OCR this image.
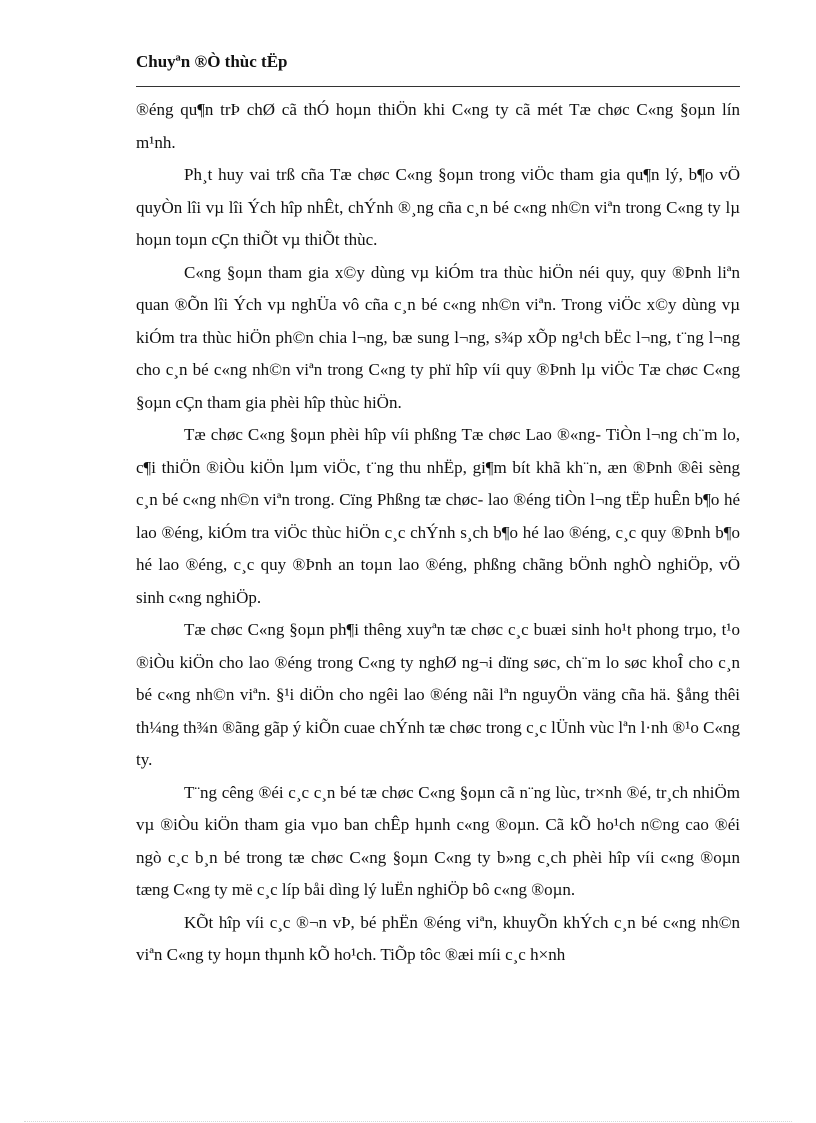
Chuyªn ®Ò thùc tËp

®éng qu¶n trÞ chØ cã thÓ hoµn thiÖn khi C«ng ty cã mét Tæ chøc C«ng §oµn lín m¹nh.

Ph¸t huy vai trß cña Tæ chøc C«ng §oµn trong viÖc tham gia qu¶n lý, b¶o vÖ quyÒn lîi vµ lîi Ých hîp nhÊt, chÝnh ®¸ng cña c¸n bé c«ng nh©n viªn trong C«ng ty lµ hoµn toµn cÇn thiÕt vµ thiÕt thùc.

C«ng §oµn tham gia x©y dùng vµ kiÓm tra thùc hiÖn néi quy, quy ®Þnh liªn quan ®Õn lîi Ých vµ nghÜa vô cña c¸n bé c«ng nh©n viªn. Trong viÖc x©y dùng vµ kiÓm tra thùc hiÖn ph©n chia l¬ng, bæ sung l¬ng, s¾p xÕp ng¹ch bËc l¬ng, t¨ng l¬ng cho c¸n bé c«ng nh©n viªn trong C«ng ty phï hîp víi quy ®Þnh lµ viÖc Tæ chøc C«ng §oµn cÇn tham gia phèi hîp thùc hiÖn.

Tæ chøc C«ng §oµn phèi hîp víi phßng Tæ chøc Lao ®«ng- TiÒn l¬ng ch¨m lo, c¶i thiÖn ®iÒu kiÖn lµm viÖc, t¨ng thu nhËp, gi¶m bít khã kh¨n, æn ®Þnh ®êi sèng c¸n bé c«ng nh©n viªn trong. Cïng Phßng tæ chøc- lao ®éng tiÒn l¬ng tËp huÊn b¶o hé lao ®éng, kiÓm tra viÖc thùc hiÖn c¸c chÝnh s¸ch b¶o hé lao ®éng, c¸c quy ®Þnh b¶o hé lao ®éng, c¸c quy ®Þnh an toµn lao ®éng, phßng chãng bÖnh nghÒ nghiÖp, vÖ sinh c«ng nghiÖp.

Tæ chøc C«ng §oµn ph¶i thêng xuyªn tæ chøc c¸c buæi sinh ho¹t phong trµo, t¹o ®iÒu kiÖn cho lao ®éng trong C«ng ty nghØ ng¬i dïng søc, ch¨m lo søc khoÎ cho c¸n bé c«ng nh©n viªn. §¹i diÖn cho ngêi lao ®éng nãi lªn nguyÖn väng cña hä. §ång thêi th¼ng th¾n ®ãng gãp ý kiÕn cuae chÝnh tæ chøc trong c¸c lÜnh vùc lªn l·nh ®¹o C«ng ty.

T¨ng cêng ®éi c¸c c¸n bé tæ chøc C«ng §oµn cã n¨ng lùc, tr×nh ®é, tr¸ch nhiÖm vµ ®iÒu kiÖn tham gia vµo ban chÊp hµnh c«ng ®oµn. Cã kÕ ho¹ch n©ng cao ®éi ngò c¸c b¸n bé trong tæ chøc C«ng §oµn C«ng ty b»ng c¸ch phèi hîp víi c«ng ®oµn tæng C«ng ty më c¸c líp båi dìng lý luËn nghiÖp bô c«ng ®oµn.

KÕt hîp víi c¸c ®¬n vÞ, bé phËn ®éng viªn, khuyÕn khÝch c¸n bé c«ng nh©n viªn C«ng ty hoµn thµnh kÕ ho¹ch. TiÕp tôc ®æi míi c¸c h×nh
